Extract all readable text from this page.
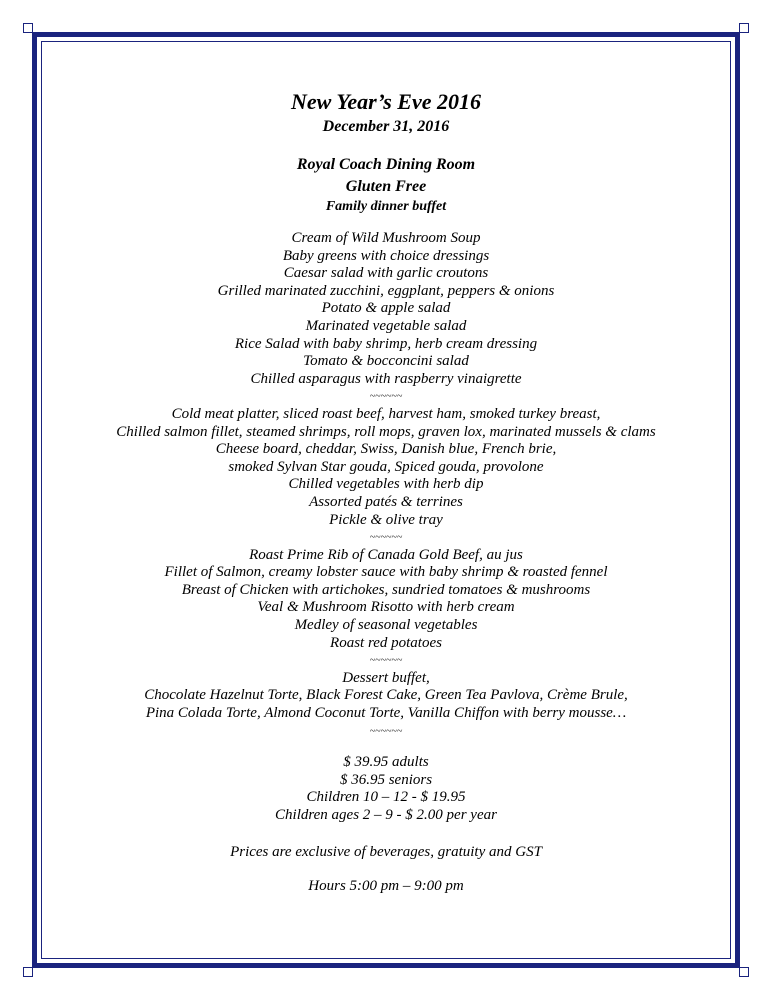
New Year’s Eve 2016
December 31, 2016
Royal Coach Dining Room
Gluten Free
Family dinner buffet
Cream of Wild Mushroom Soup
Baby greens with choice dressings
Caesar salad with garlic croutons
Grilled marinated zucchini, eggplant, peppers & onions
Potato & apple salad
Marinated vegetable salad
Rice Salad with baby shrimp, herb cream dressing
Tomato & bocconcini salad
Chilled asparagus with raspberry vinaigrette
~~~~~~
Cold meat platter, sliced roast beef, harvest ham, smoked turkey breast,
Chilled salmon fillet, steamed shrimps, roll mops, graven lox, marinated mussels & clams
Cheese board, cheddar, Swiss, Danish blue, French brie,
smoked Sylvan Star gouda, Spiced gouda, provolone
Chilled vegetables with herb dip
Assorted patés & terrines
Pickle & olive tray
~~~~~~
Roast Prime Rib of Canada Gold Beef, au jus
Fillet of Salmon, creamy lobster sauce with baby shrimp & roasted fennel
Breast of Chicken with artichokes, sundried tomatoes & mushrooms
Veal & Mushroom Risotto with herb cream
Medley of seasonal vegetables
Roast red potatoes
~~~~~~
Dessert buffet,
Chocolate Hazelnut Torte, Black Forest Cake, Green Tea Pavlova, Crème Brule,
Pina Colada Torte, Almond Coconut Torte, Vanilla Chiffon with berry mousse…
~~~~~~
$ 39.95 adults
$ 36.95 seniors
Children 10 – 12 - $ 19.95
Children ages 2 – 9 - $ 2.00 per year
Prices are exclusive of beverages, gratuity and GST
Hours 5:00 pm – 9:00 pm
